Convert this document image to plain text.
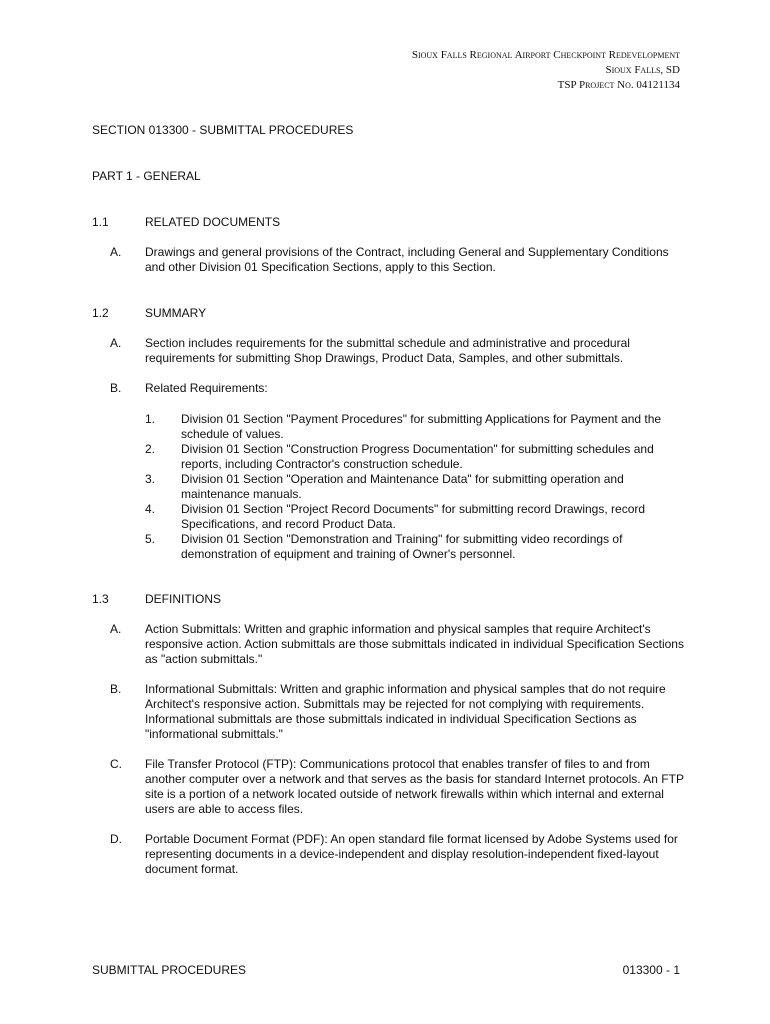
Sioux Falls Regional Airport Checkpoint Redevelopment
Sioux Falls, SD
TSP Project No. 04121134
SECTION 013300 - SUBMITTAL PROCEDURES
PART 1 - GENERAL
1.1	RELATED DOCUMENTS
A. Drawings and general provisions of the Contract, including General and Supplementary Conditions and other Division 01 Specification Sections, apply to this Section.
1.2	SUMMARY
A. Section includes requirements for the submittal schedule and administrative and procedural requirements for submitting Shop Drawings, Product Data, Samples, and other submittals.
B. Related Requirements:
1. Division 01 Section "Payment Procedures" for submitting Applications for Payment and the schedule of values.
2. Division 01 Section "Construction Progress Documentation" for submitting schedules and reports, including Contractor's construction schedule.
3. Division 01 Section "Operation and Maintenance Data" for submitting operation and maintenance manuals.
4. Division 01 Section "Project Record Documents" for submitting record Drawings, record Specifications, and record Product Data.
5. Division 01 Section "Demonstration and Training" for submitting video recordings of demonstration of equipment and training of Owner's personnel.
1.3	DEFINITIONS
A. Action Submittals: Written and graphic information and physical samples that require Architect's responsive action. Action submittals are those submittals indicated in individual Specification Sections as "action submittals."
B. Informational Submittals: Written and graphic information and physical samples that do not require Architect's responsive action. Submittals may be rejected for not complying with requirements. Informational submittals are those submittals indicated in individual Specification Sections as "informational submittals."
C. File Transfer Protocol (FTP): Communications protocol that enables transfer of files to and from another computer over a network and that serves as the basis for standard Internet protocols. An FTP site is a portion of a network located outside of network firewalls within which internal and external users are able to access files.
D. Portable Document Format (PDF): An open standard file format licensed by Adobe Systems used for representing documents in a device-independent and display resolution-independent fixed-layout document format.
SUBMITTAL PROCEDURES	013300 - 1
